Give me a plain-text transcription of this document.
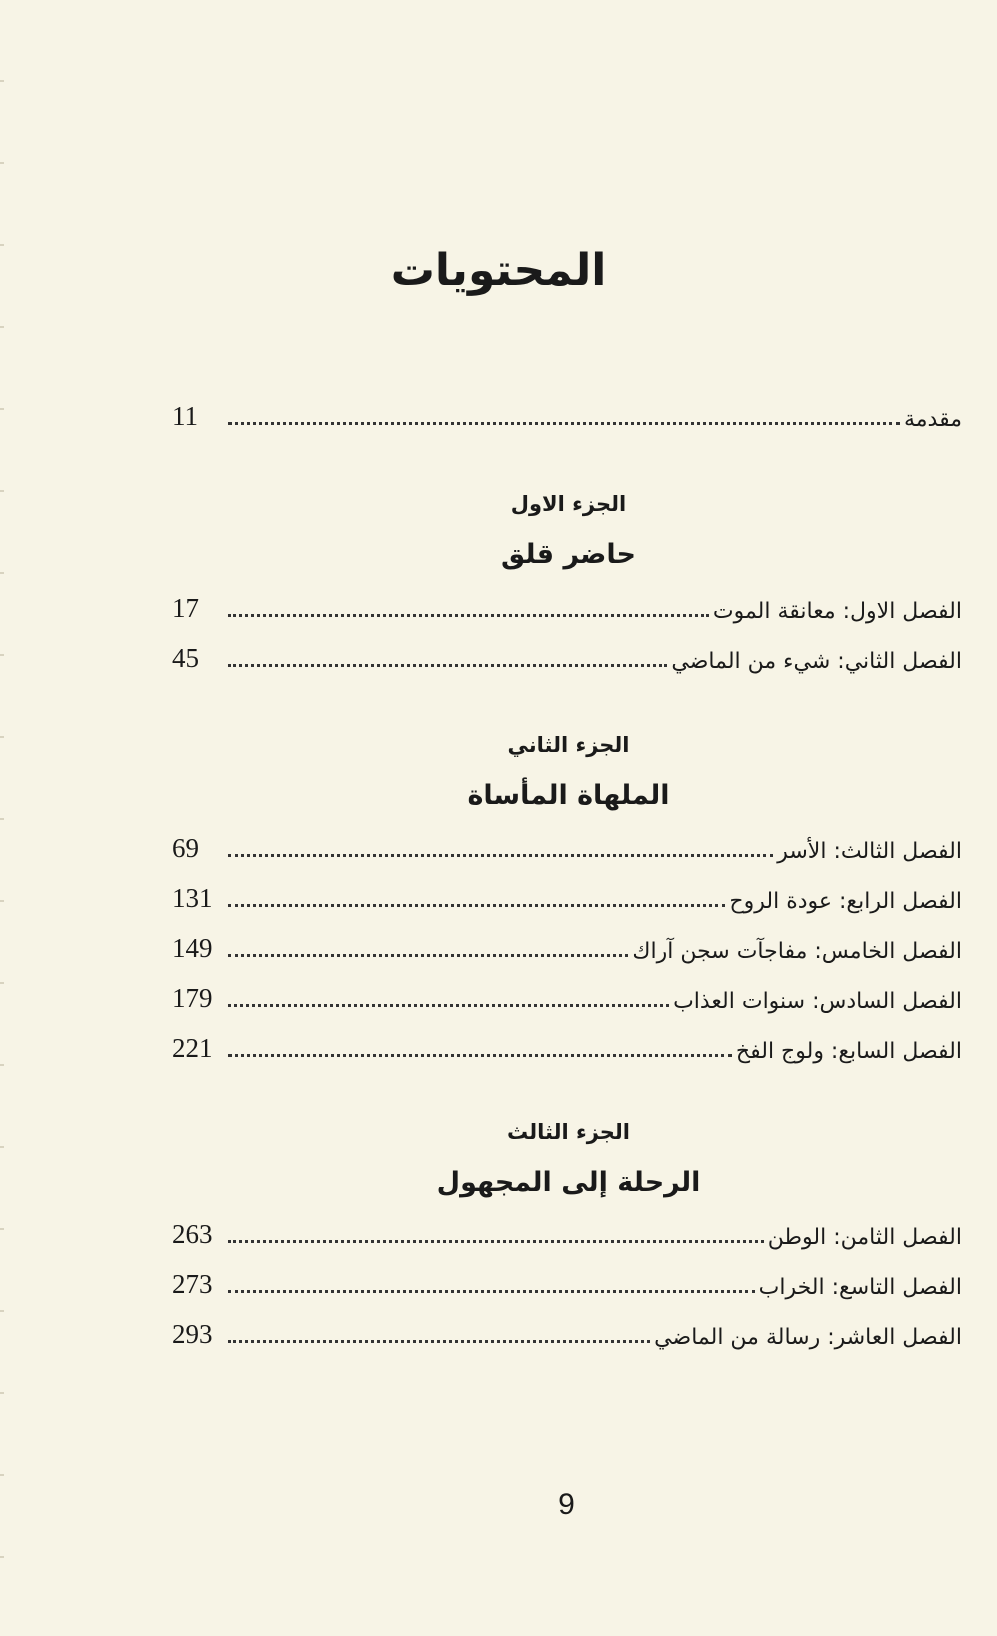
المحتويات
مقدمة
11
الجزء الاول
حاضر قلق
الفصل الاول: معانقة الموت
17
الفصل الثاني: شيء من الماضي
45
الجزء الثاني
الملهاة المأساة
الفصل الثالث: الأسر
69
الفصل الرابع: عودة الروح
131
الفصل الخامس: مفاجآت سجن آراك
149
الفصل السادس: سنوات العذاب
179
الفصل السابع: ولوج الفخ
221
الجزء الثالث
الرحلة إلى المجهول
الفصل الثامن: الوطن
263
الفصل التاسع: الخراب
273
الفصل العاشر: رسالة من الماضي
293
9
